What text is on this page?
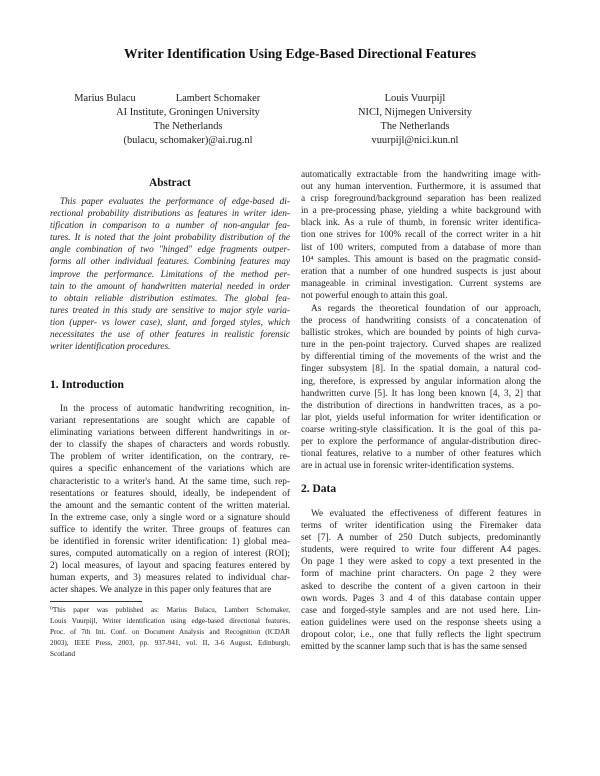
Writer Identification Using Edge-Based Directional Features
Marius Bulacu	Lambert Schomaker	Louis Vuurpijl
AI Institute, Groningen University
The Netherlands
(bulacu, schomaker)@ai.rug.nl
NICI, Nijmegen University
The Netherlands
vuurpijl@nici.kun.nl
Abstract
This paper evaluates the performance of edge-based di-
rectional probability distributions as features in writer iden-
tification in comparison to a number of non-angular fea-
tures. It is noted that the joint probability distribution of the
angle combination of two "hinged" edge fragments outper-
forms all other individual features. Combining features may
improve the performance. Limitations of the method per-
tain to the amount of handwritten material needed in order
to obtain reliable distribution estimates. The global fea-
tures treated in this study are sensitive to major style varia-
tion (upper- vs lower case), slant, and forged styles, which
necessitates the use of other features in realistic forensic
writer identification procedures.
1. Introduction
In the process of automatic handwriting recognition, in-
variant representations are sought which are capable of
eliminating variations between different handwritings in or-
der to classify the shapes of characters and words robustly.
The problem of writer identification, on the contrary, re-
quires a specific enhancement of the variations which are
characteristic to a writer's hand. At the same time, such rep-
resentations or features should, ideally, be independent of
the amount and the semantic content of the written material.
In the extreme case, only a single word or a signature should
suffice to identify the writer. Three groups of features can
be identified in forensic writer identification: 1) global mea-
sures, computed automatically on a region of interest (ROI);
2) local measures, of layout and spacing features entered by
human experts, and 3) measures related to individual char-
acter shapes. We analyze in this paper only features that are
⁰This paper was published as: Marius Bulacu, Lambert Schomaker,
Louis Vuurpijl, Writer identification using edge-based directional features,
Proc. of 7th Int. Conf. on Document Analysis and Recognition (ICDAR
2003), IEEE Press, 2003, pp. 937-941, vol. II, 3-6 August, Edinburgh,
Scotland
automatically extractable from the handwriting image with-
out any human intervention. Furthermore, it is assumed that
a crisp foreground/background separation has been realized
in a pre-processing phase, yielding a white background with
black ink. As a rule of thumb, in forensic writer identifica-
tion one strives for 100% recall of the correct writer in a hit
list of 100 writers, computed from a database of more than
10⁴ samples. This amount is based on the pragmatic consid-
eration that a number of one hundred suspects is just about
manageable in criminal investigation. Current systems are
not powerful enough to attain this goal.
As regards the theoretical foundation of our approach,
the process of handwriting consists of a concatenation of
ballistic strokes, which are bounded by points of high curva-
ture in the pen-point trajectory. Curved shapes are realized
by differential timing of the movements of the wrist and the
finger subsystem [8]. In the spatial domain, a natural cod-
ing, therefore, is expressed by angular information along the
handwritten curve [5]. It has long been known [4, 3, 2] that
the distribution of directions in handwritten traces, as a po-
lar plot, yields useful information for writer identification or
coarse writing-style classification. It is the goal of this pa-
per to explore the performance of angular-distribution direc-
tional features, relative to a number of other features which
are in actual use in forensic writer-identification systems.
2. Data
We evaluated the effectiveness of different features in
terms of writer identification using the Firemaker data
set [7]. A number of 250 Dutch subjects, predominantly
students, were required to write four different A4 pages.
On page 1 they were asked to copy a text presented in the
form of machine print characters. On page 2 they were
asked to describe the content of a given cartoon in their
own words. Pages 3 and 4 of this database contain upper
case and forged-style samples and are not used here. Lin-
eation guidelines were used on the response sheets using a
dropout color, i.e., one that fully reflects the light spectrum
emitted by the scanner lamp such that is has the same sensed
